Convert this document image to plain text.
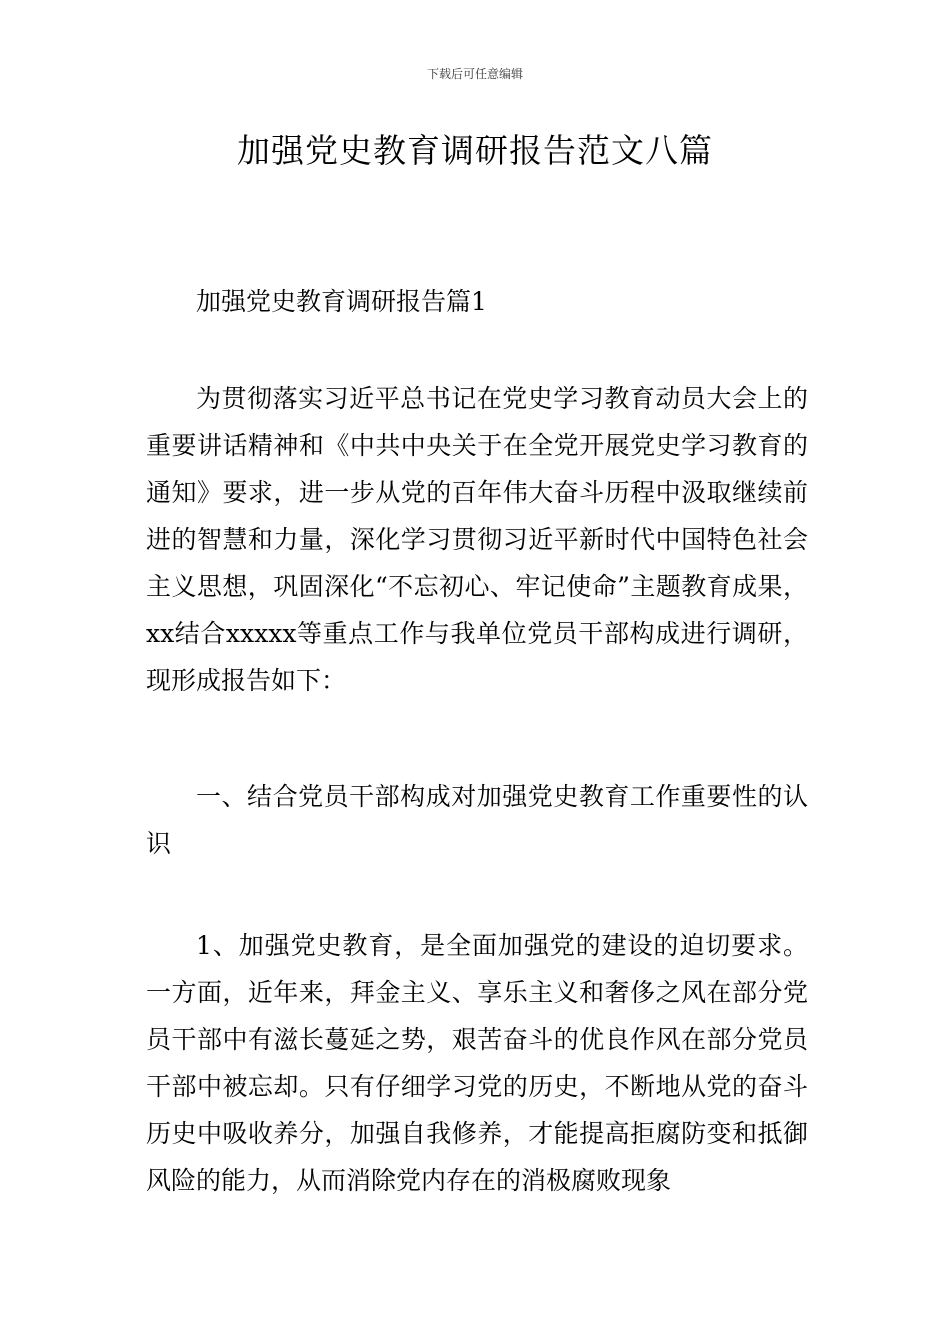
下载后可任意编辑
加强党史教育调研报告范文八篇

加强党史教育调研报告篇1

为贯彻落实习近平总书记在党史学习教育动员大会上的重要讲话精神和《中共中央关于在全党开展党史学习教育的通知》要求，进一步从党的百年伟大奋斗历程中汲取继续前进的智慧和力量，深化学习贯彻习近平新时代中国特色社会主义思想，巩固深化“不忘初心、牢记使命”主题教育成果，xx结合xxxxx等重点工作与我单位党员干部构成进行调研，现形成报告如下：

一、结合党员干部构成对加强党史教育工作重要性的认识

1、加强党史教育，是全面加强党的建设的迫切要求。一方面，近年来，拜金主义、享乐主义和奢侈之风在部分党员干部中有滋长蔓延之势，艰苦奋斗的优良作风在部分党员干部中被忘却。只有仔细学习党的历史，不断地从党的奋斗历史中吸收养分，加强自我修养，才能提高拒腐防变和抵御风险的能力，从而消除党内存在的消极腐败现象
